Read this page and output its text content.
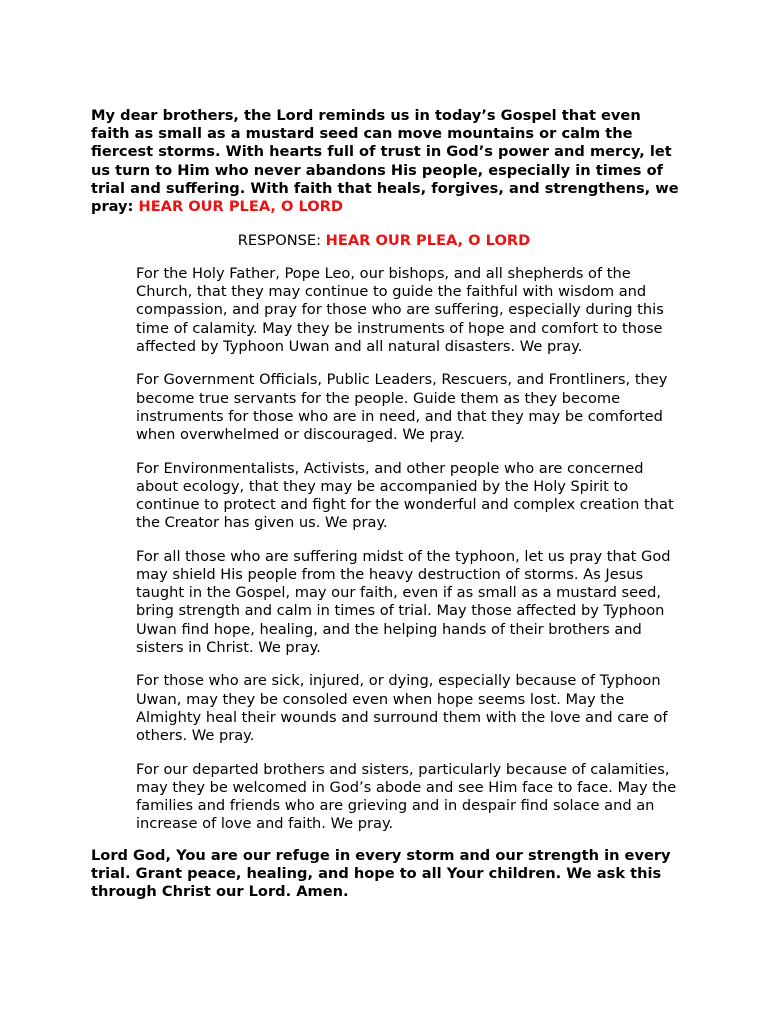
My dear brothers, the Lord reminds us in today’s Gospel that even faith as small as a mustard seed can move mountains or calm the fiercest storms. With hearts full of trust in God’s power and mercy, let us turn to Him who never abandons His people, especially in times of trial and suffering. With faith that heals, forgives, and strengthens, we pray: HEAR OUR PLEA, O LORD

RESPONSE: HEAR OUR PLEA, O LORD

For the Holy Father, Pope Leo, our bishops, and all shepherds of the Church, that they may continue to guide the faithful with wisdom and compassion, and pray for those who are suffering, especially during this time of calamity. May they be instruments of hope and comfort to those affected by Typhoon Uwan and all natural disasters. We pray.
For Government Officials, Public Leaders, Rescuers, and Frontliners, they become true servants for the people. Guide them as they become instruments for those who are in need, and that they may be comforted when overwhelmed or discouraged. We pray.
For Environmentalists, Activists, and other people who are concerned about ecology, that they may be accompanied by the Holy Spirit to continue to protect and fight for the wonderful and complex creation that the Creator has given us. We pray.
For all those who are suffering midst of the typhoon, let us pray that God may shield His people from the heavy destruction of storms. As Jesus taught in the Gospel, may our faith, even if as small as a mustard seed, bring strength and calm in times of trial. May those affected by Typhoon Uwan find hope, healing, and the helping hands of their brothers and sisters in Christ. We pray.
For those who are sick, injured, or dying, especially because of Typhoon Uwan, may they be consoled even when hope seems lost. May the Almighty heal their wounds and surround them with the love and care of others. We pray.
For our departed brothers and sisters, particularly because of calamities, may they be welcomed in God’s abode and see Him face to face. May the families and friends who are grieving and in despair find solace and an increase of love and faith. We pray.

Lord God, You are our refuge in every storm and our strength in every trial. Grant peace, healing, and hope to all Your children. We ask this through Christ our Lord. Amen.
